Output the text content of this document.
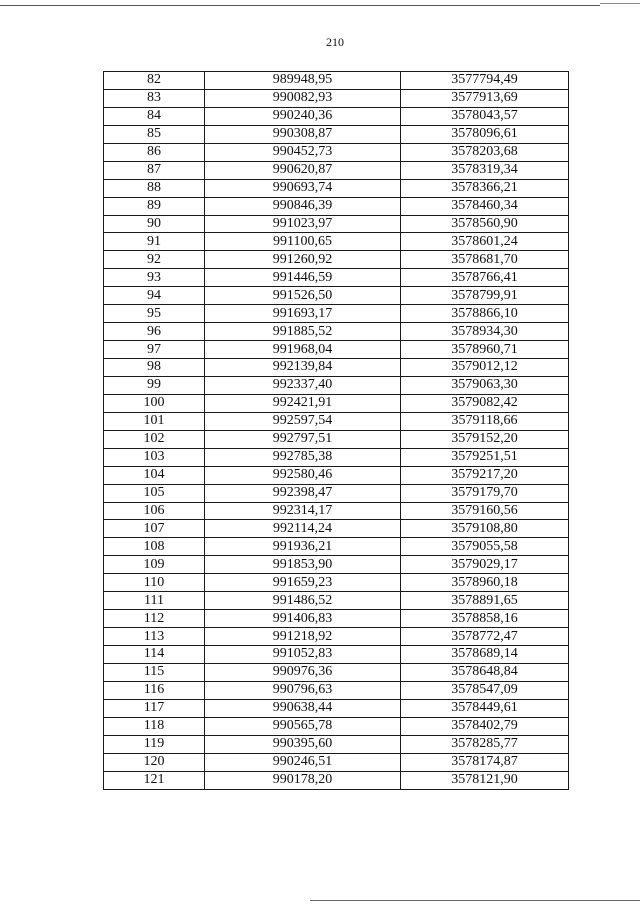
210
82	989948,95	3577794,49
83	990082,93	3577913,69
84	990240,36	3578043,57
85	990308,87	3578096,61
86	990452,73	3578203,68
87	990620,87	3578319,34
88	990693,74	3578366,21
89	990846,39	3578460,34
90	991023,97	3578560,90
91	991100,65	3578601,24
92	991260,92	3578681,70
93	991446,59	3578766,41
94	991526,50	3578799,91
95	991693,17	3578866,10
96	991885,52	3578934,30
97	991968,04	3578960,71
98	992139,84	3579012,12
99	992337,40	3579063,30
100	992421,91	3579082,42
101	992597,54	3579118,66
102	992797,51	3579152,20
103	992785,38	3579251,51
104	992580,46	3579217,20
105	992398,47	3579179,70
106	992314,17	3579160,56
107	992114,24	3579108,80
108	991936,21	3579055,58
109	991853,90	3579029,17
110	991659,23	3578960,18
111	991486,52	3578891,65
112	991406,83	3578858,16
113	991218,92	3578772,47
114	991052,83	3578689,14
115	990976,36	3578648,84
116	990796,63	3578547,09
117	990638,44	3578449,61
118	990565,78	3578402,79
119	990395,60	3578285,77
120	990246,51	3578174,87
121	990178,20	3578121,90
